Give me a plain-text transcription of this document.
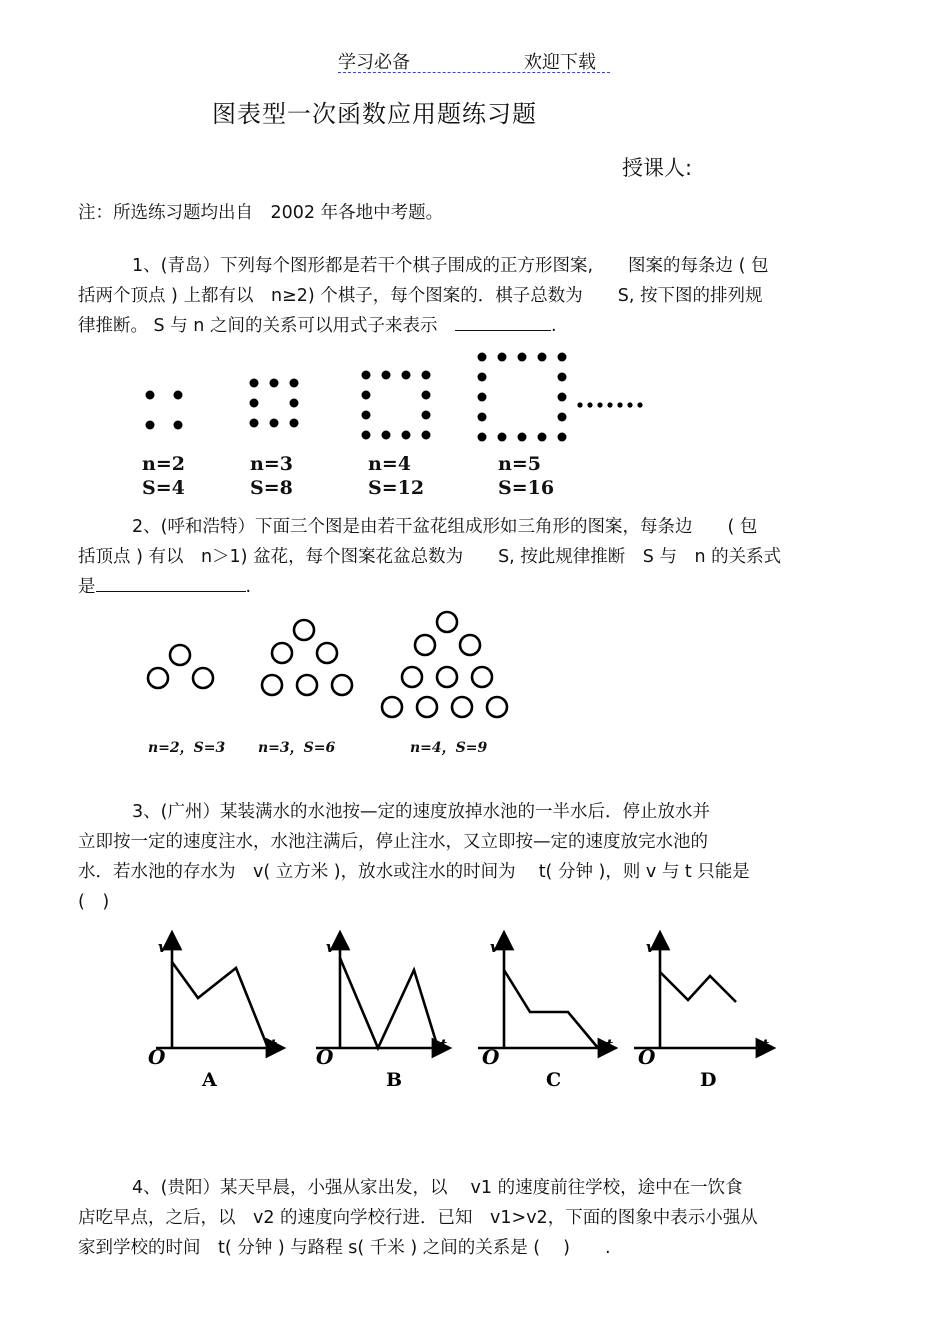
学习必备	欢迎下载
图表型一次函数应用题练习题
授课人:
注：所选练习题均出自　2002 年各地中考题。
1、(青岛）下列每个图形都是若干个棋子围成的正方形图案,　　图案的每条边 ( 包
括两个顶点 ) 上都有以　n≥2) 个棋子，每个图案的．棋子总数为　　S, 按下图的排列规
律推断。 S 与 n 之间的关系可以用式子来表示　	.
n=2
S=4
n=3
S=8
n=4
S=12
n=5
S=16
2、(呼和浩特）下面三个图是由若干盆花组成形如三角形的图案，每条边　　( 包
括顶点 ) 有以　n＞1) 盆花，每个图案花盆总数为　　S, 按此规律推断　S 与　n 的关系式
是	.
n=2，S=3 n=3，S=6	n=4，S=9
3、(广州）某装满水的水池按—定的速度放掉水池的一半水后．停止放水并
立即按一定的速度注水，水池注满后，停止注水，又立即按—定的速度放完水池的
水．若水池的存水为　v( 立方米 )，放水或注水的时间为　 t( 分钟 )，则 v 与 t 只能是
(　)
v
t
O
A
v
t
O
B
v
t
O
C
v
t
O
D
4、(贵阳）某天早晨，小强从家出发，以　 v1 的速度前往学校，途中在一饮食
店吃早点，之后，以　v2 的速度向学校行进．已知　v1>v2，下面的图象中表示小强从
家到学校的时间　t( 分钟 ) 与路程 s( 千米 ) 之间的关系是 (　 )　　.
